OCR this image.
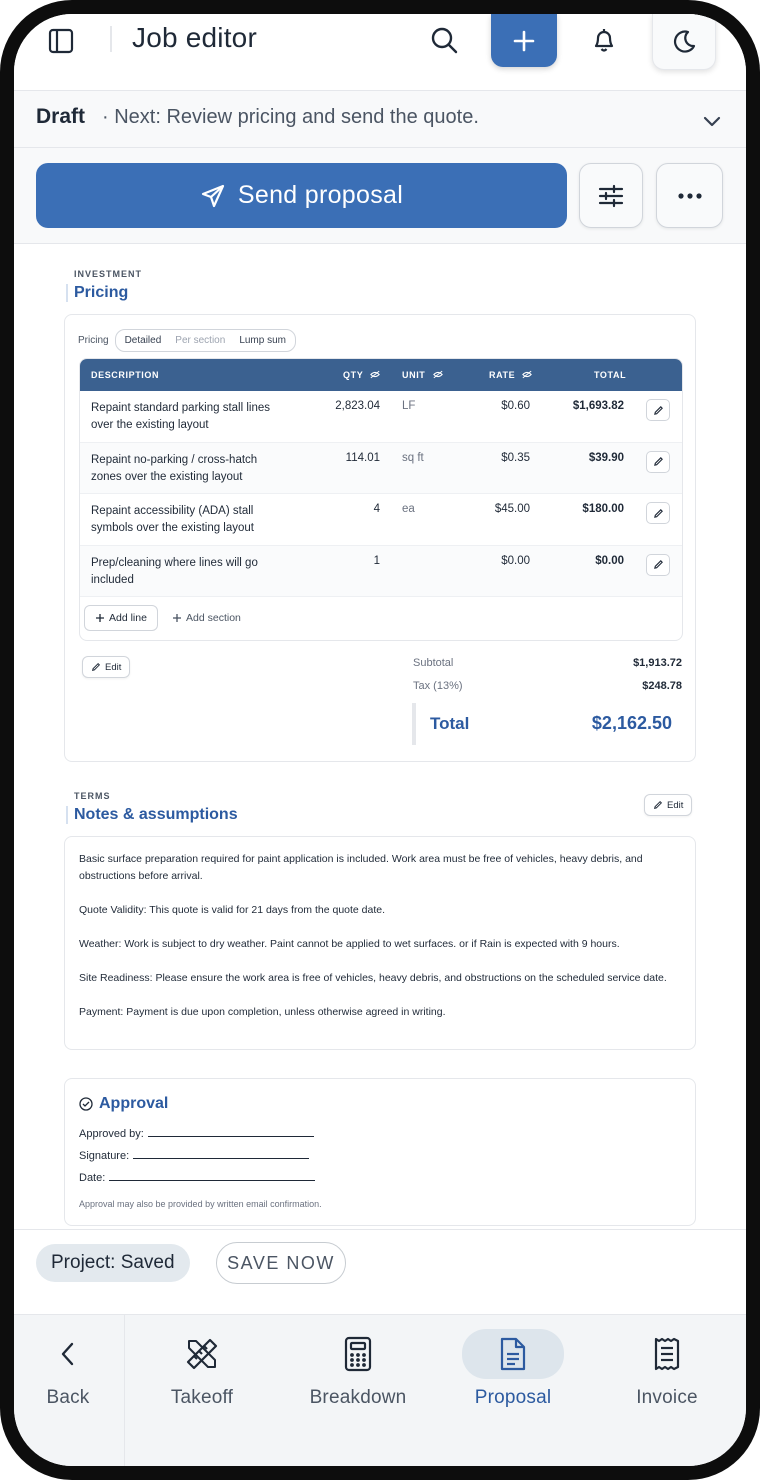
Job editor
Draft · Next: Review pricing and send the quote.
Send proposal
INVESTMENT
Pricing
Pricing	Detailed	Per section	Lump sum
DESCRIPTION	QTY	UNIT	RATE	TOTAL
Repaint standard parking stall lines over the existing layout
2,823.04 LF	$0.60	$1,693.82
Repaint no-parking / cross-hatch zones over the existing layout
114.01 sq ft	$0.35	$39.90
Repaint accessibility (ADA) stall symbols over the existing layout
4 ea	$45.00	$180.00
Prep/cleaning where lines will go included
1	$0.00	$0.00
Add line	Add section
Edit	Subtotal	$1,913.72
Tax (13%)	$248.78
Total	$2,162.50
TERMS
Notes & assumptions
Edit

Basic surface preparation required for paint application is included. Work area must be free of vehicles, heavy debris, and obstructions before arrival.

Quote Validity: This quote is valid for 21 days from the quote date.

Weather: Work is subject to dry weather. Paint cannot be applied to wet surfaces. or if Rain is expected with 9 hours.

Site Readiness: Please ensure the work area is free of vehicles, heavy debris, and obstructions on the scheduled service date.

Payment: Payment is due upon completion, unless otherwise agreed in writing.

Approval
Approved by:
Signature:
Date:
Approval may also be provided by written email confirmation.
Project: Saved	SAVE NOW
Back	Takeoff	Breakdown	Proposal	Invoice
